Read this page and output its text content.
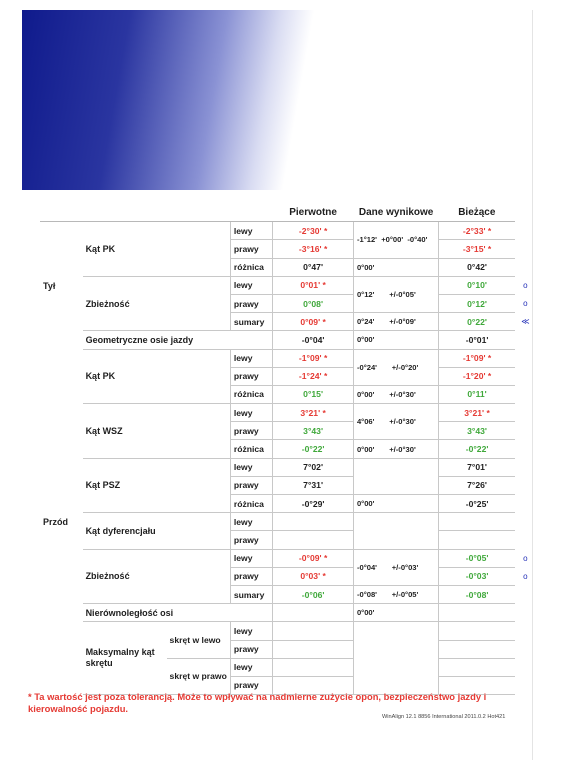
				Pierwotne	Dane wynikowe	Bieżące	
Tył	Kąt PK		lewy	-2°30' *	-1°12'  +0°00'  -0°40'	-2°33' *	
			prawy	-3°16' *		-3°15' *	
			różnica	0°47'	0°00'	0°42'	
	Zbieżność		lewy	0°01' *	0°12'       +/-0°05'	0°10'	o
			prawy	0°08'		0°12'	o
			sumary	0°09' *	0°24'       +/-0°09'	0°22'	≪
	Geometryczne osie jazdy			-0°04'	0°00'	-0°01'	
Przód	Kąt PK		lewy	-1°09' *	-0°24'       +/-0°20'	-1°09' *	
			prawy	-1°24' *		-1°20' *	
			różnica	0°15'	0°00'       +/-0°30'	0°11'	
	Kąt WSZ		lewy	3°21' *	4°06'       +/-0°30'	3°21' *	
			prawy	3°43'		3°43'	
			różnica	-0°22'	0°00'       +/-0°30'	-0°22'	
	Kąt PSZ		lewy	7°02'		7°01'	
			prawy	7°31'		7°26'	
			różnica	-0°29'	0°00'	-0°25'	
	Kąt dyferencjału		lewy				
			prawy				
	Zbieżność		lewy	-0°09' *	-0°04'       +/-0°03'	-0°05'	o
			prawy	0°03' *		-0°03'	o
			sumary	-0°06'	-0°08'       +/-0°05'	-0°08'	
	Nierównoległość osi				0°00'		
	Maksymalny kąt skrętu	skręt w lewo	lewy				
			prawy				
		skręt w prawo	lewy				
			prawy				
* Ta wartość jest poza tolerancją. Może to wpływać na nadmierne zużycie opon, bezpieczeństwo jazdy i kierowalność pojazdu.
WinAlign 12.1 8856 International 2011.0.2 Hot421
